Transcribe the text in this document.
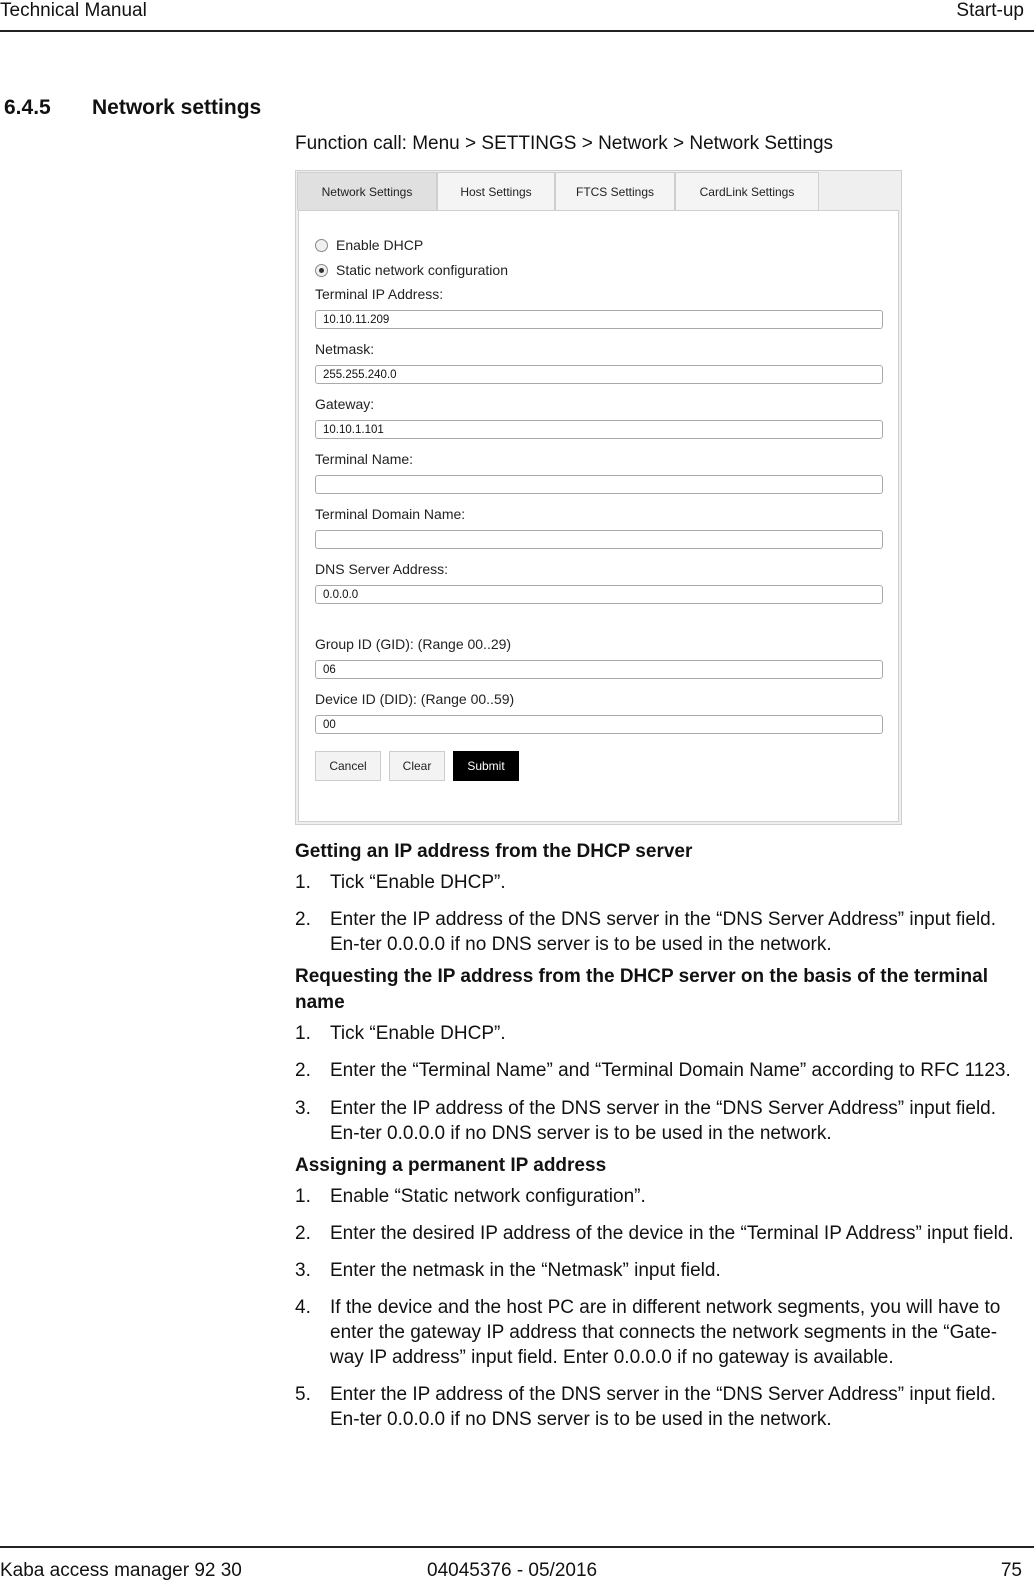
Technical Manual	Start-up
6.4.5 Network settings
Function call: Menu > SETTINGS > Network > Network Settings
Network Settings	Host Settings	FTCS Settings	CardLink Settings
Enable DHCP
Static network configuration
Terminal IP Address:
10.10.11.209
Netmask:
255.255.240.0
Gateway:
10.10.1.101
Terminal Name:
Terminal Domain Name:
DNS Server Address:
0.0.0.0
Group ID (GID): (Range 00..29)
06
Device ID (DID): (Range 00..59)
00
Cancel	Clear	Submit
Getting an IP address from the DHCP server
1. Tick “Enable DHCP”.
2. Enter the IP address of the DNS server in the “DNS Server Address” input field. En-ter 0.0.0.0 if no DNS server is to be used in the network.
Requesting the IP address from the DHCP server on the basis of the terminal name
1. Tick “Enable DHCP”.
2. Enter the “Terminal Name” and “Terminal Domain Name” according to RFC 1123.
3. Enter the IP address of the DNS server in the “DNS Server Address” input field. En-ter 0.0.0.0 if no DNS server is to be used in the network.
Assigning a permanent IP address
1. Enable “Static network configuration”.
2. Enter the desired IP address of the device in the “Terminal IP Address” input field.
3. Enter the netmask in the “Netmask” input field.
4. If the device and the host PC are in different network segments, you will have to enter the gateway IP address that connects the network segments in the “Gate-way IP address” input field. Enter 0.0.0.0 if no gateway is available.
5. Enter the IP address of the DNS server in the “DNS Server Address” input field. En-ter 0.0.0.0 if no DNS server is to be used in the network.
Kaba access manager 92 30	04045376 - 05/2016	75
